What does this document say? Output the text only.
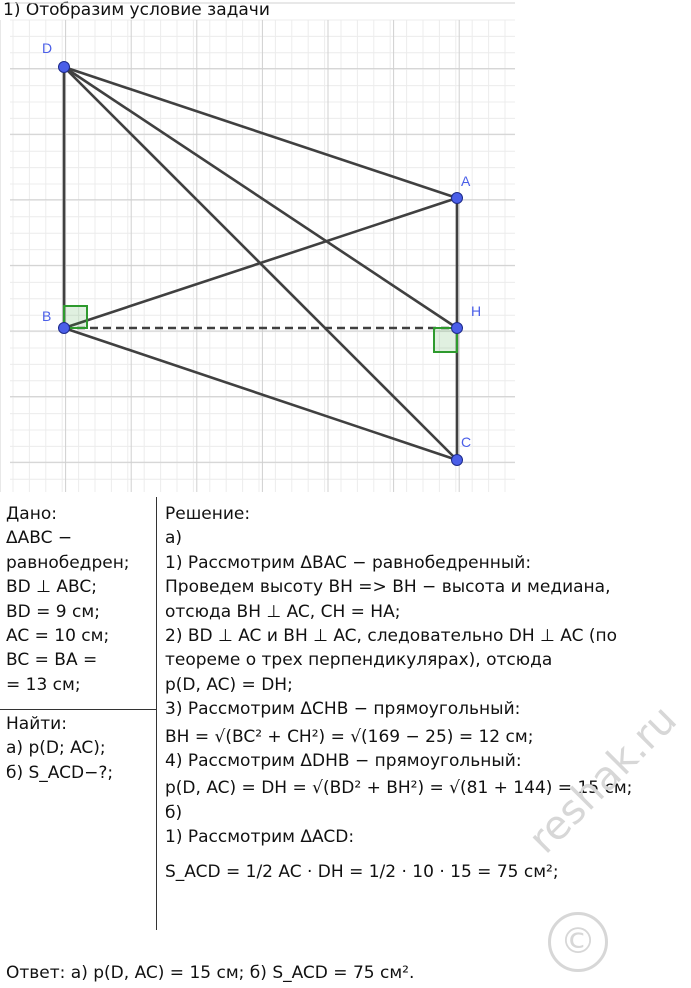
1) Отобразим условие задачи
D
A
B	H
C
Дано:
ΔABC −
равнобедрен;
BD ⊥ ABC;
BD = 9 см;
AC = 10 см;
BC = BA =
= 13 см;
Найти:
а) p(D; AC);
б) S_ACD−?;
Решение:
а)
1) Рассмотрим ΔBAC − равнобедренный:
Проведем высоту BH => BH − высота и медиана,
отсюда BH ⊥ AC, CH = HA;
2) BD ⊥ AC и BH ⊥ AC, следовательно DH ⊥ AC (по
теореме о трех перпендикулярах), отсюда
p(D, AC) = DH;
3) Рассмотрим ΔCHB − прямоугольный:
BH = √(BC² + CH²) = √(169 − 25) = 12 см;
4) Рассмотрим ΔDHB − прямоугольный:
p(D, AC) = DH = √(BD² + BH²) = √(81 + 144) = 15 см;
б)
1) Рассмотрим ΔACD:
S_ACD = 1/2 AC · DH = 1/2 · 10 · 15 = 75 см²;
Ответ: а) p(D, AC) = 15 см; б) S_ACD = 75 см².
reshak.ru
©
